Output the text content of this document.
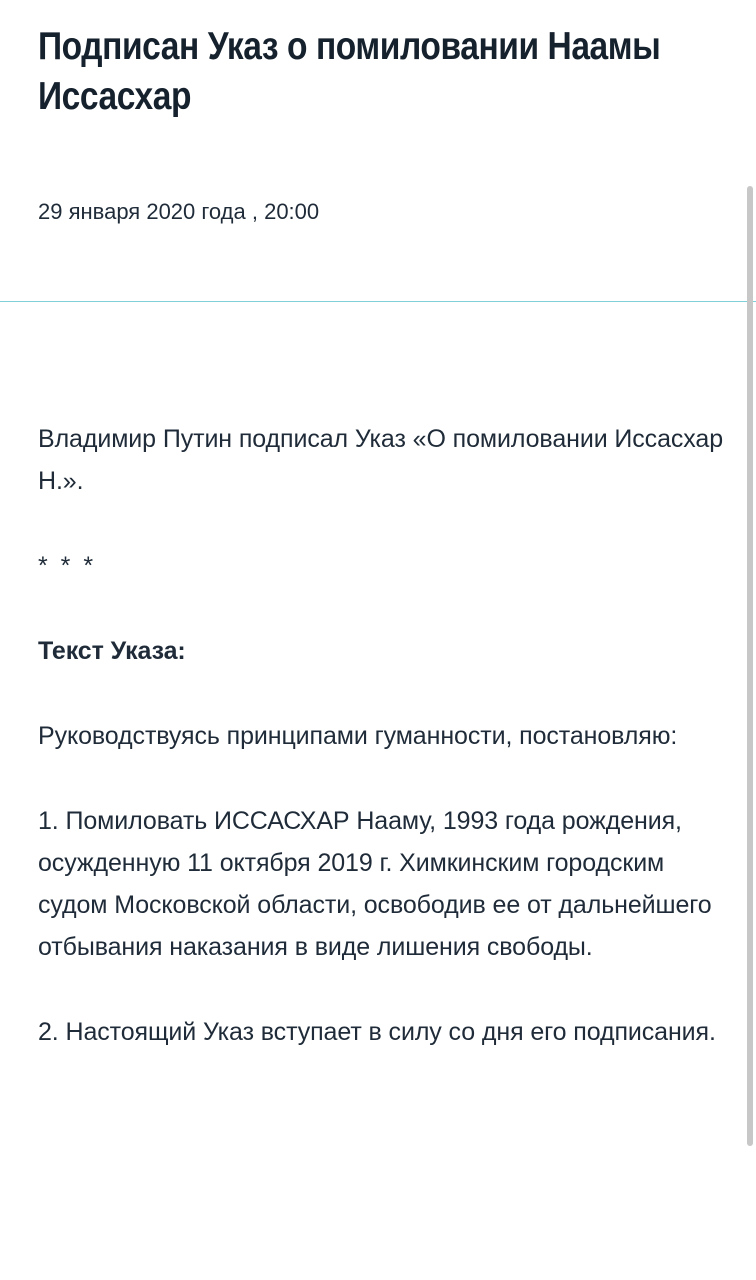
Подписан Указ о помиловании Наамы Иссасхар
29 января 2020 года , 20:00

Владимир Путин подписал Указ «О помиловании Иссасхар Н.».

* * *

Текст Указа:

Руководствуясь принципами гуманности, постановляю:

1. Помиловать ИССАСХАР Нааму, 1993 года рождения, осужденную 11 октября 2019 г. Химкинским городским судом Московской области, освободив ее от дальнейшего отбывания наказания в виде лишения свободы.

2. Настоящий Указ вступает в силу со дня его подписания.
